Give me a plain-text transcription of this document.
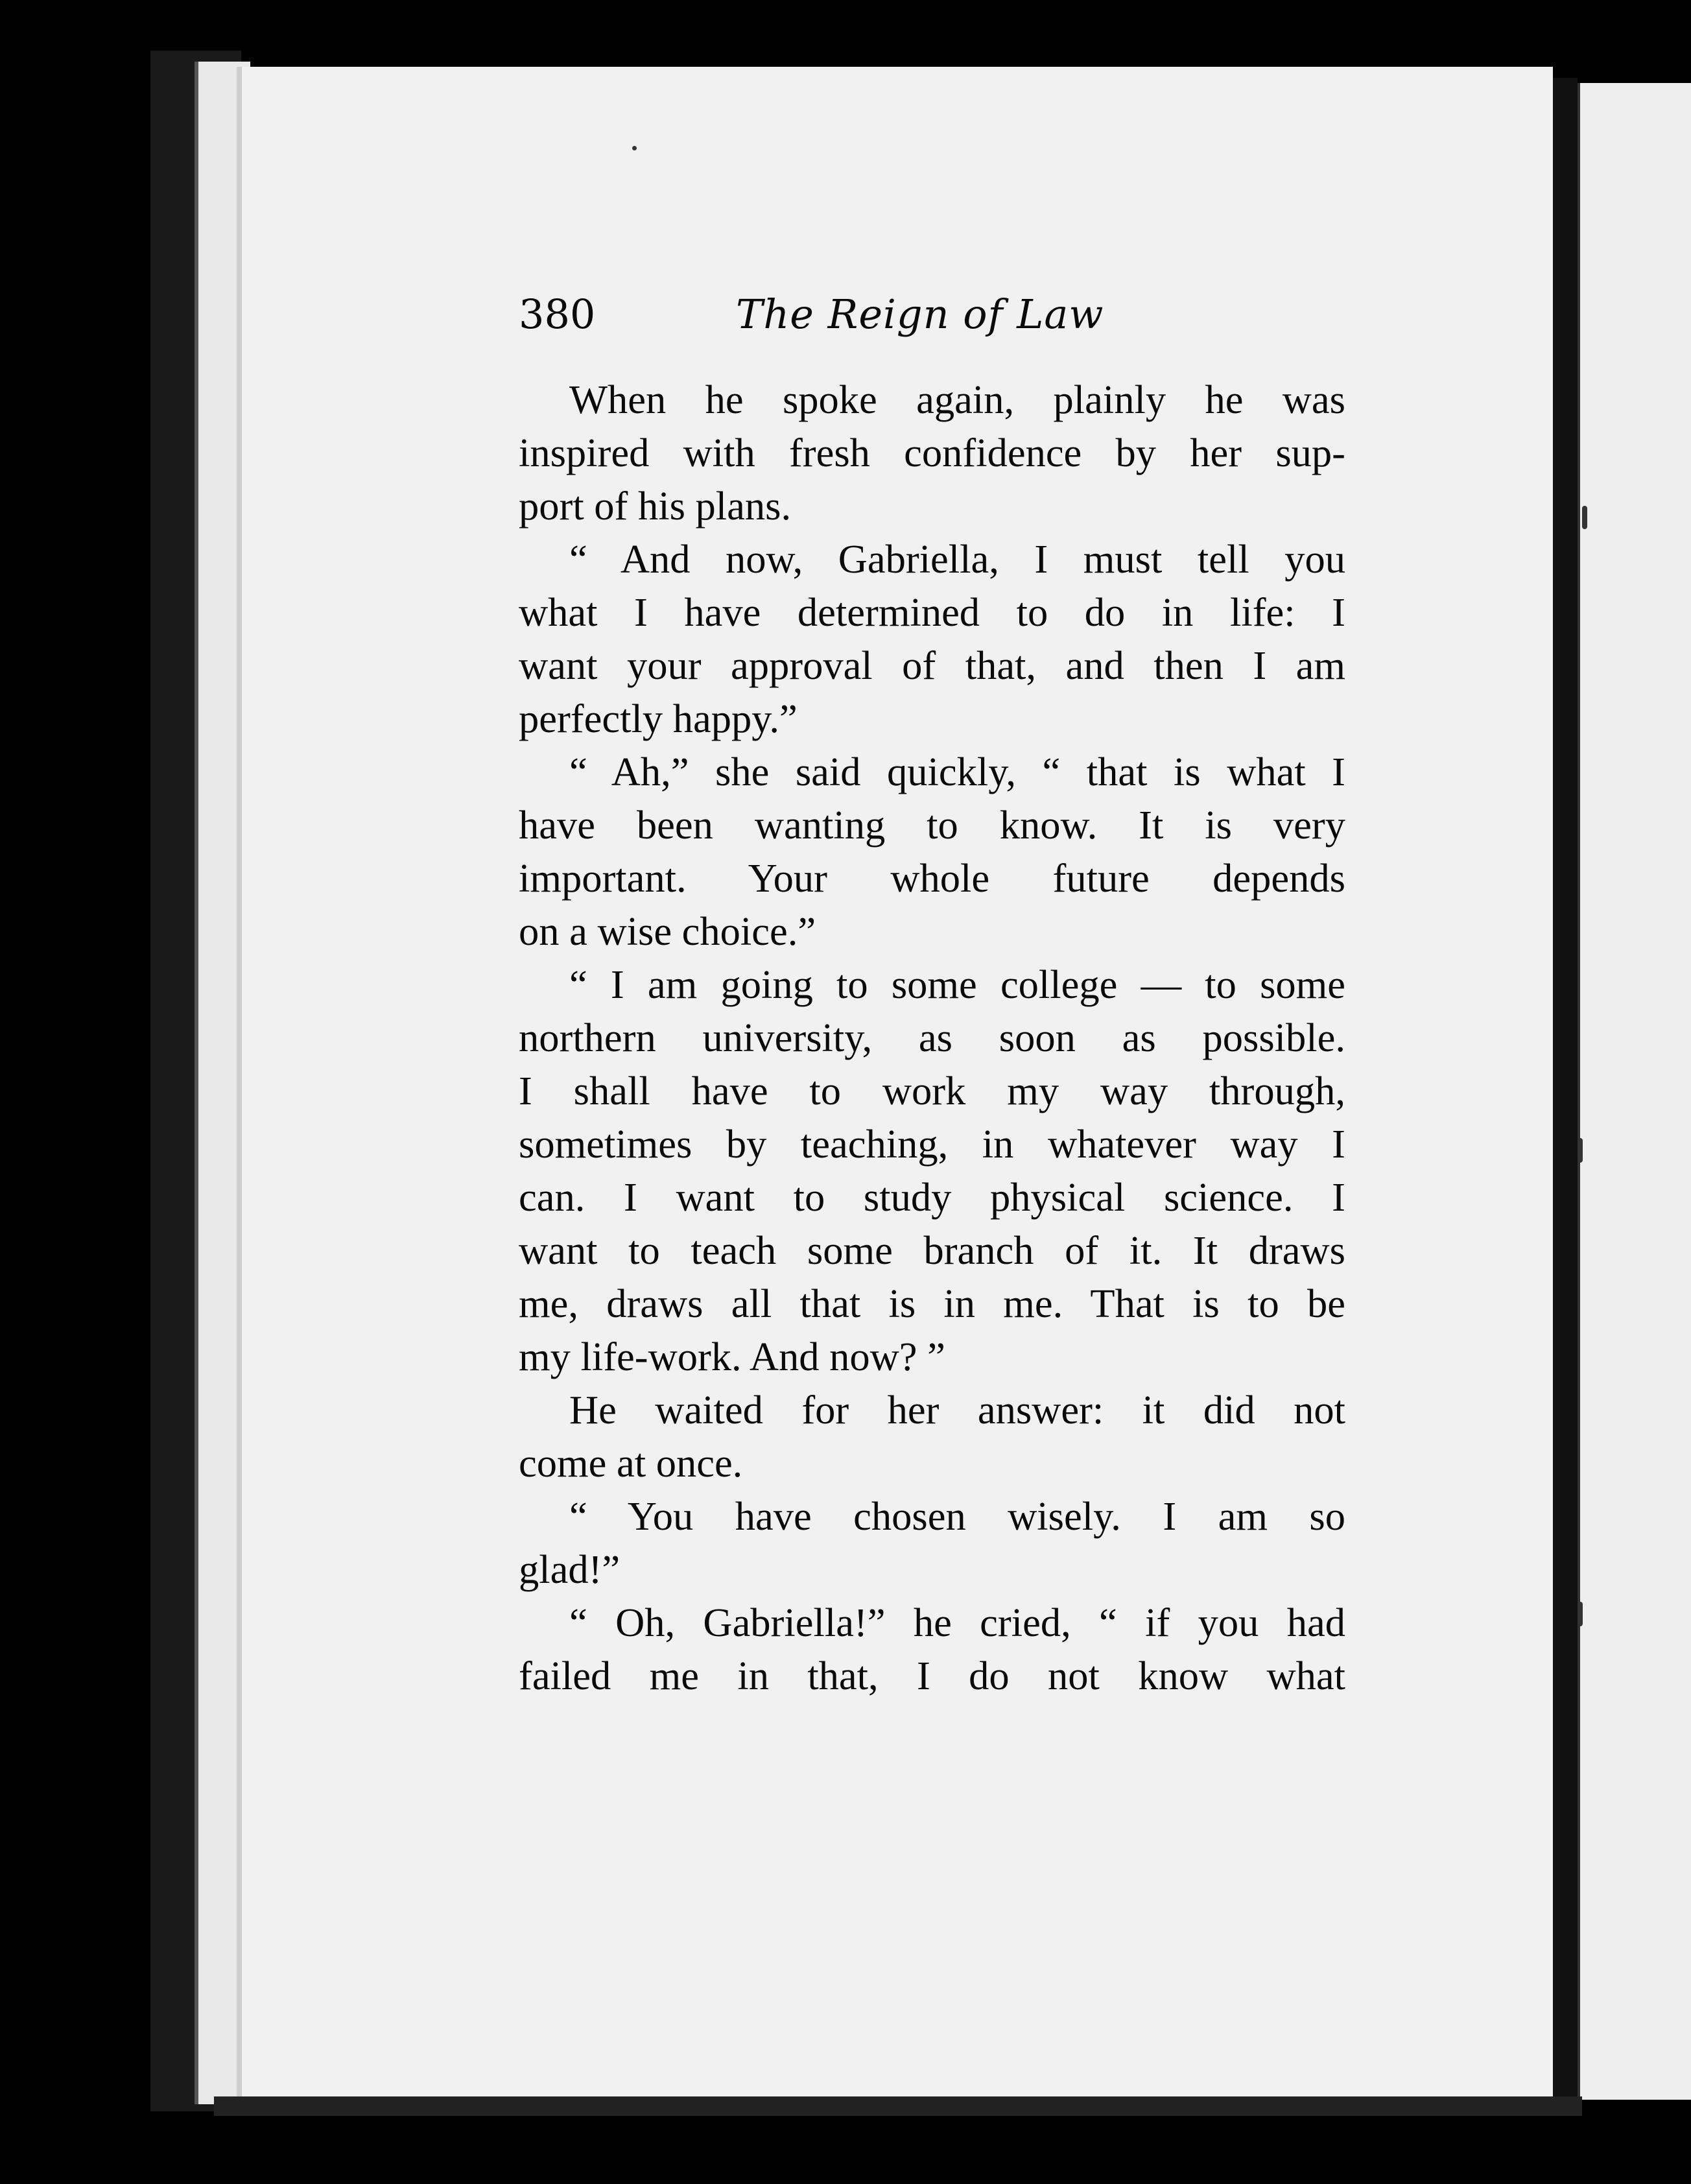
380	The Reign of Law
When he spoke again, plainly he was
inspired with fresh confidence by her sup-
port of his plans.
“ And now, Gabriella, I must tell you
what I have determined to do in life: I
want your approval of that, and then I am
perfectly happy.”
“ Ah,” she said quickly, “ that is what I
have been wanting to know. It is very
important. Your whole future depends
on a wise choice.”
“ I am going to some college — to some
northern university, as soon as possible.
I shall have to work my way through,
sometimes by teaching, in whatever way I
can. I want to study physical science. I
want to teach some branch of it. It draws
me, draws all that is in me. That is to be
my life-work. And now? ”
He waited for her answer: it did not
come at once.
“ You have chosen wisely. I am so
glad!”
“ Oh, Gabriella!” he cried, “ if you had
failed me in that, I do not know what
